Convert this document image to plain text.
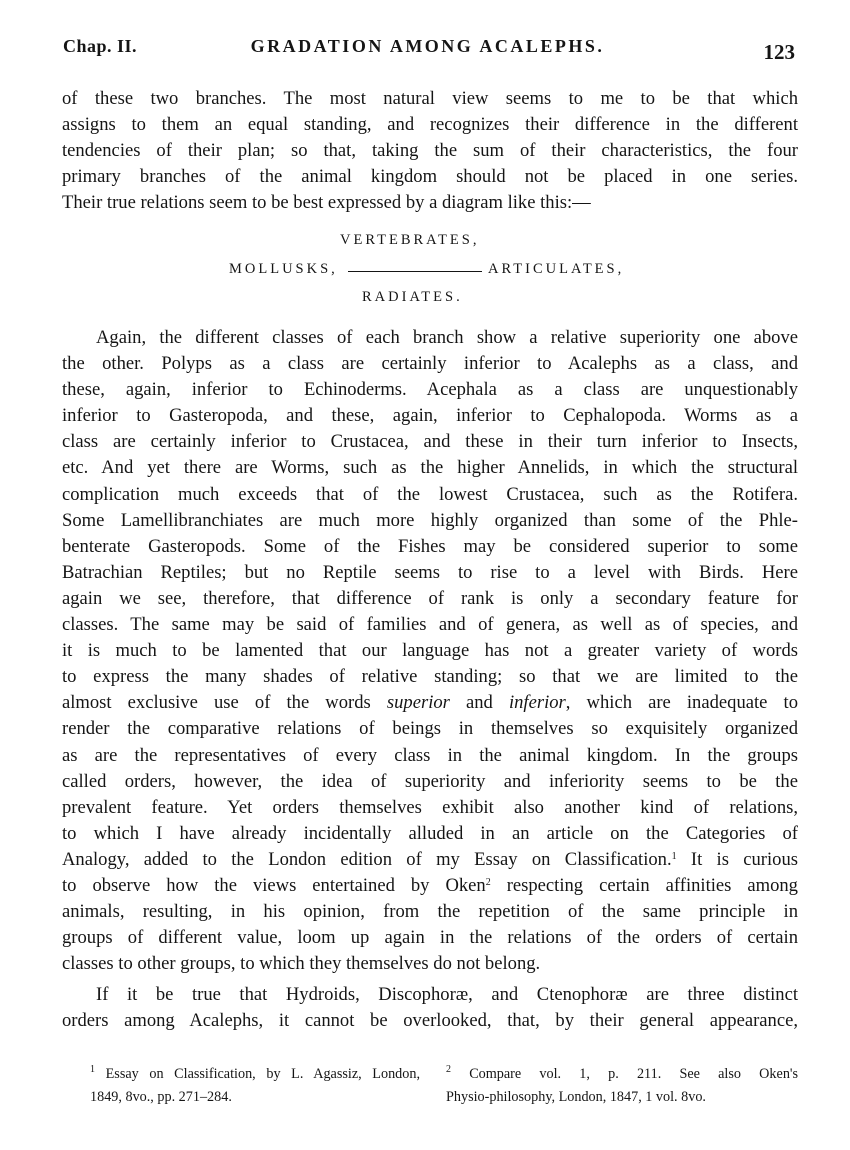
Chap. II.	GRADATION AMONG ACALEPHS.	123
of these two branches. The most natural view seems to me to be that which
assigns to them an equal standing, and recognizes their difference in the different
tendencies of their plan; so that, taking the sum of their characteristics, the four
primary branches of the animal kingdom should not be placed in one series.
Their true relations seem to be best expressed by a diagram like this:—
VERTEBRATES,
MOLLUSKS,	ARTICULATES,
RADIATES.
Again, the different classes of each branch show a relative superiority one above
the other. Polyps as a class are certainly inferior to Acalephs as a class, and
these, again, inferior to Echinoderms. Acephala as a class are unquestionably
inferior to Gasteropoda, and these, again, inferior to Cephalopoda. Worms as a
class are certainly inferior to Crustacea, and these in their turn inferior to Insects,
etc. And yet there are Worms, such as the higher Annelids, in which the structural
complication much exceeds that of the lowest Crustacea, such as the Rotifera.
Some Lamellibranchiates are much more highly organized than some of the Phle-
benterate Gasteropods. Some of the Fishes may be considered superior to some
Batrachian Reptiles; but no Reptile seems to rise to a level with Birds. Here
again we see, therefore, that difference of rank is only a secondary feature for
classes. The same may be said of families and of genera, as well as of species, and
it is much to be lamented that our language has not a greater variety of words
to express the many shades of relative standing; so that we are limited to the
almost exclusive use of the words superior and inferior, which are inadequate to
render the comparative relations of beings in themselves so exquisitely organized
as are the representatives of every class in the animal kingdom. In the groups
called orders, however, the idea of superiority and inferiority seems to be the
prevalent feature. Yet orders themselves exhibit also another kind of relations,
to which I have already incidentally alluded in an article on the Categories of
Analogy, added to the London edition of my Essay on Classification.$^1$ It is curious
to observe how the views entertained by Oken$^2$ respecting certain affinities among
animals, resulting, in his opinion, from the repetition of the same principle in
groups of different value, loom up again in the relations of the orders of certain
classes to other groups, to which they themselves do not belong.
If it be true that Hydroids, Discophoræ, and Ctenophoræ are three distinct
orders among Acalephs, it cannot be overlooked, that, by their general appearance,
$^1$ Essay on Classification, by L. Agassiz, London,
1849, 8vo., pp. 271–284.
$^2$ Compare vol. 1, p. 211. See also Oken's
Physio-philosophy, London, 1847, 1 vol. 8vo.
